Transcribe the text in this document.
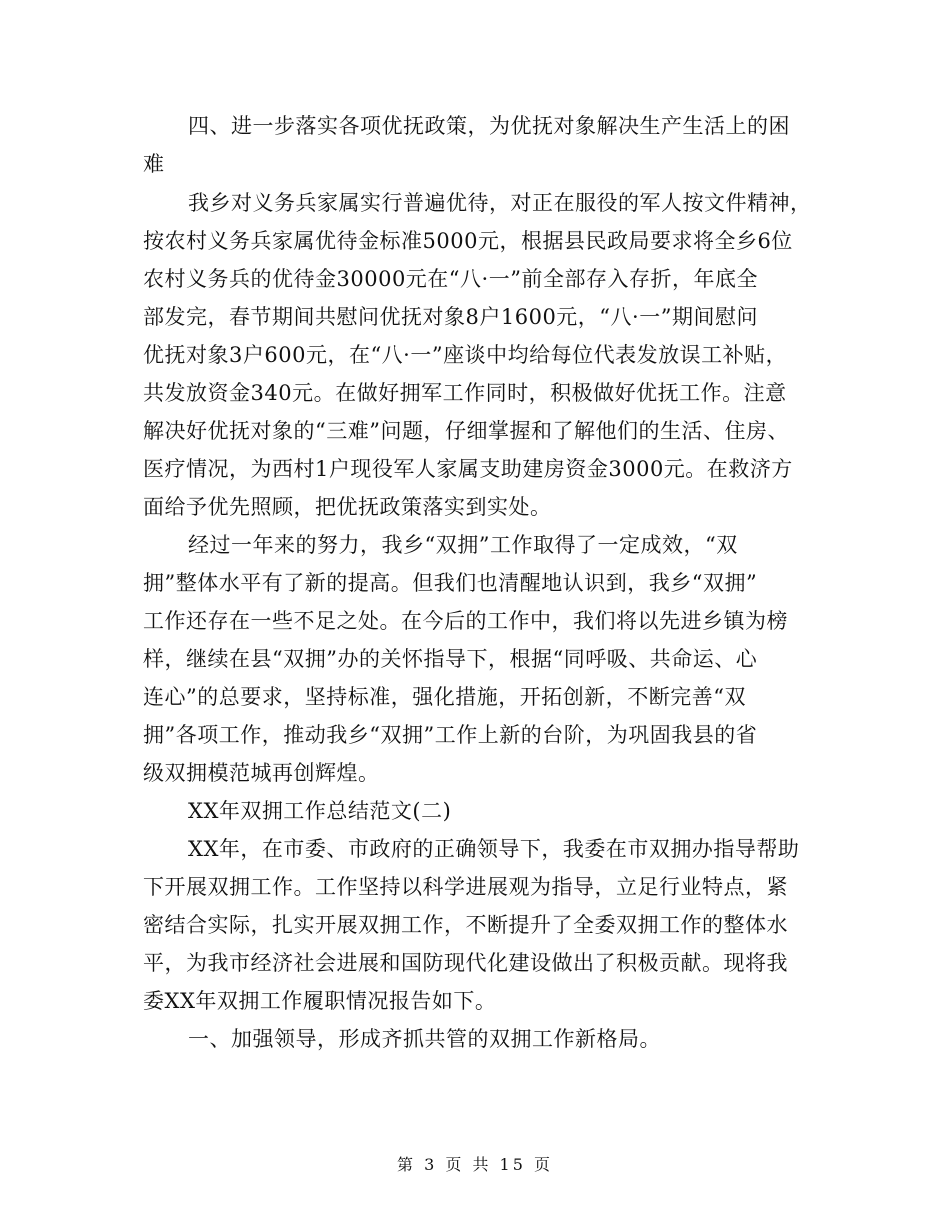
四、进一步落实各项优抚政策，为优抚对象解决生产生活上的困
难
我乡对义务兵家属实行普遍优待，对正在服役的军人按文件精神，
按农村义务兵家属优待金标准5000元，根据县民政局要求将全乡6位
农村义务兵的优待金30000元在“八·一”前全部存入存折，年底全
部发完，春节期间共慰问优抚对象8户1600元，“八·一”期间慰问
优抚对象3户600元，在“八·一”座谈中均给每位代表发放误工补贴，
共发放资金340元。在做好拥军工作同时，积极做好优抚工作。注意
解决好优抚对象的“三难”问题，仔细掌握和了解他们的生活、住房、
医疗情况，为西村1户现役军人家属支助建房资金3000元。在救济方
面给予优先照顾，把优抚政策落实到实处。
经过一年来的努力，我乡“双拥”工作取得了一定成效，“双
拥”整体水平有了新的提高。但我们也清醒地认识到，我乡“双拥”
工作还存在一些不足之处。在今后的工作中，我们将以先进乡镇为榜
样，继续在县“双拥”办的关怀指导下，根据“同呼吸、共命运、心
连心”的总要求，坚持标准，强化措施，开拓创新，不断完善“双
拥”各项工作，推动我乡“双拥”工作上新的台阶，为巩固我县的省
级双拥模范城再创辉煌。
XX年双拥工作总结范文(二)
XX年，在市委、市政府的正确领导下，我委在市双拥办指导帮助
下开展双拥工作。工作坚持以科学进展观为指导，立足行业特点，紧
密结合实际，扎实开展双拥工作，不断提升了全委双拥工作的整体水
平，为我市经济社会进展和国防现代化建设做出了积极贡献。现将我
委XX年双拥工作履职情况报告如下。
一、加强领导，形成齐抓共管的双拥工作新格局。
第 3 页 共 15 页
